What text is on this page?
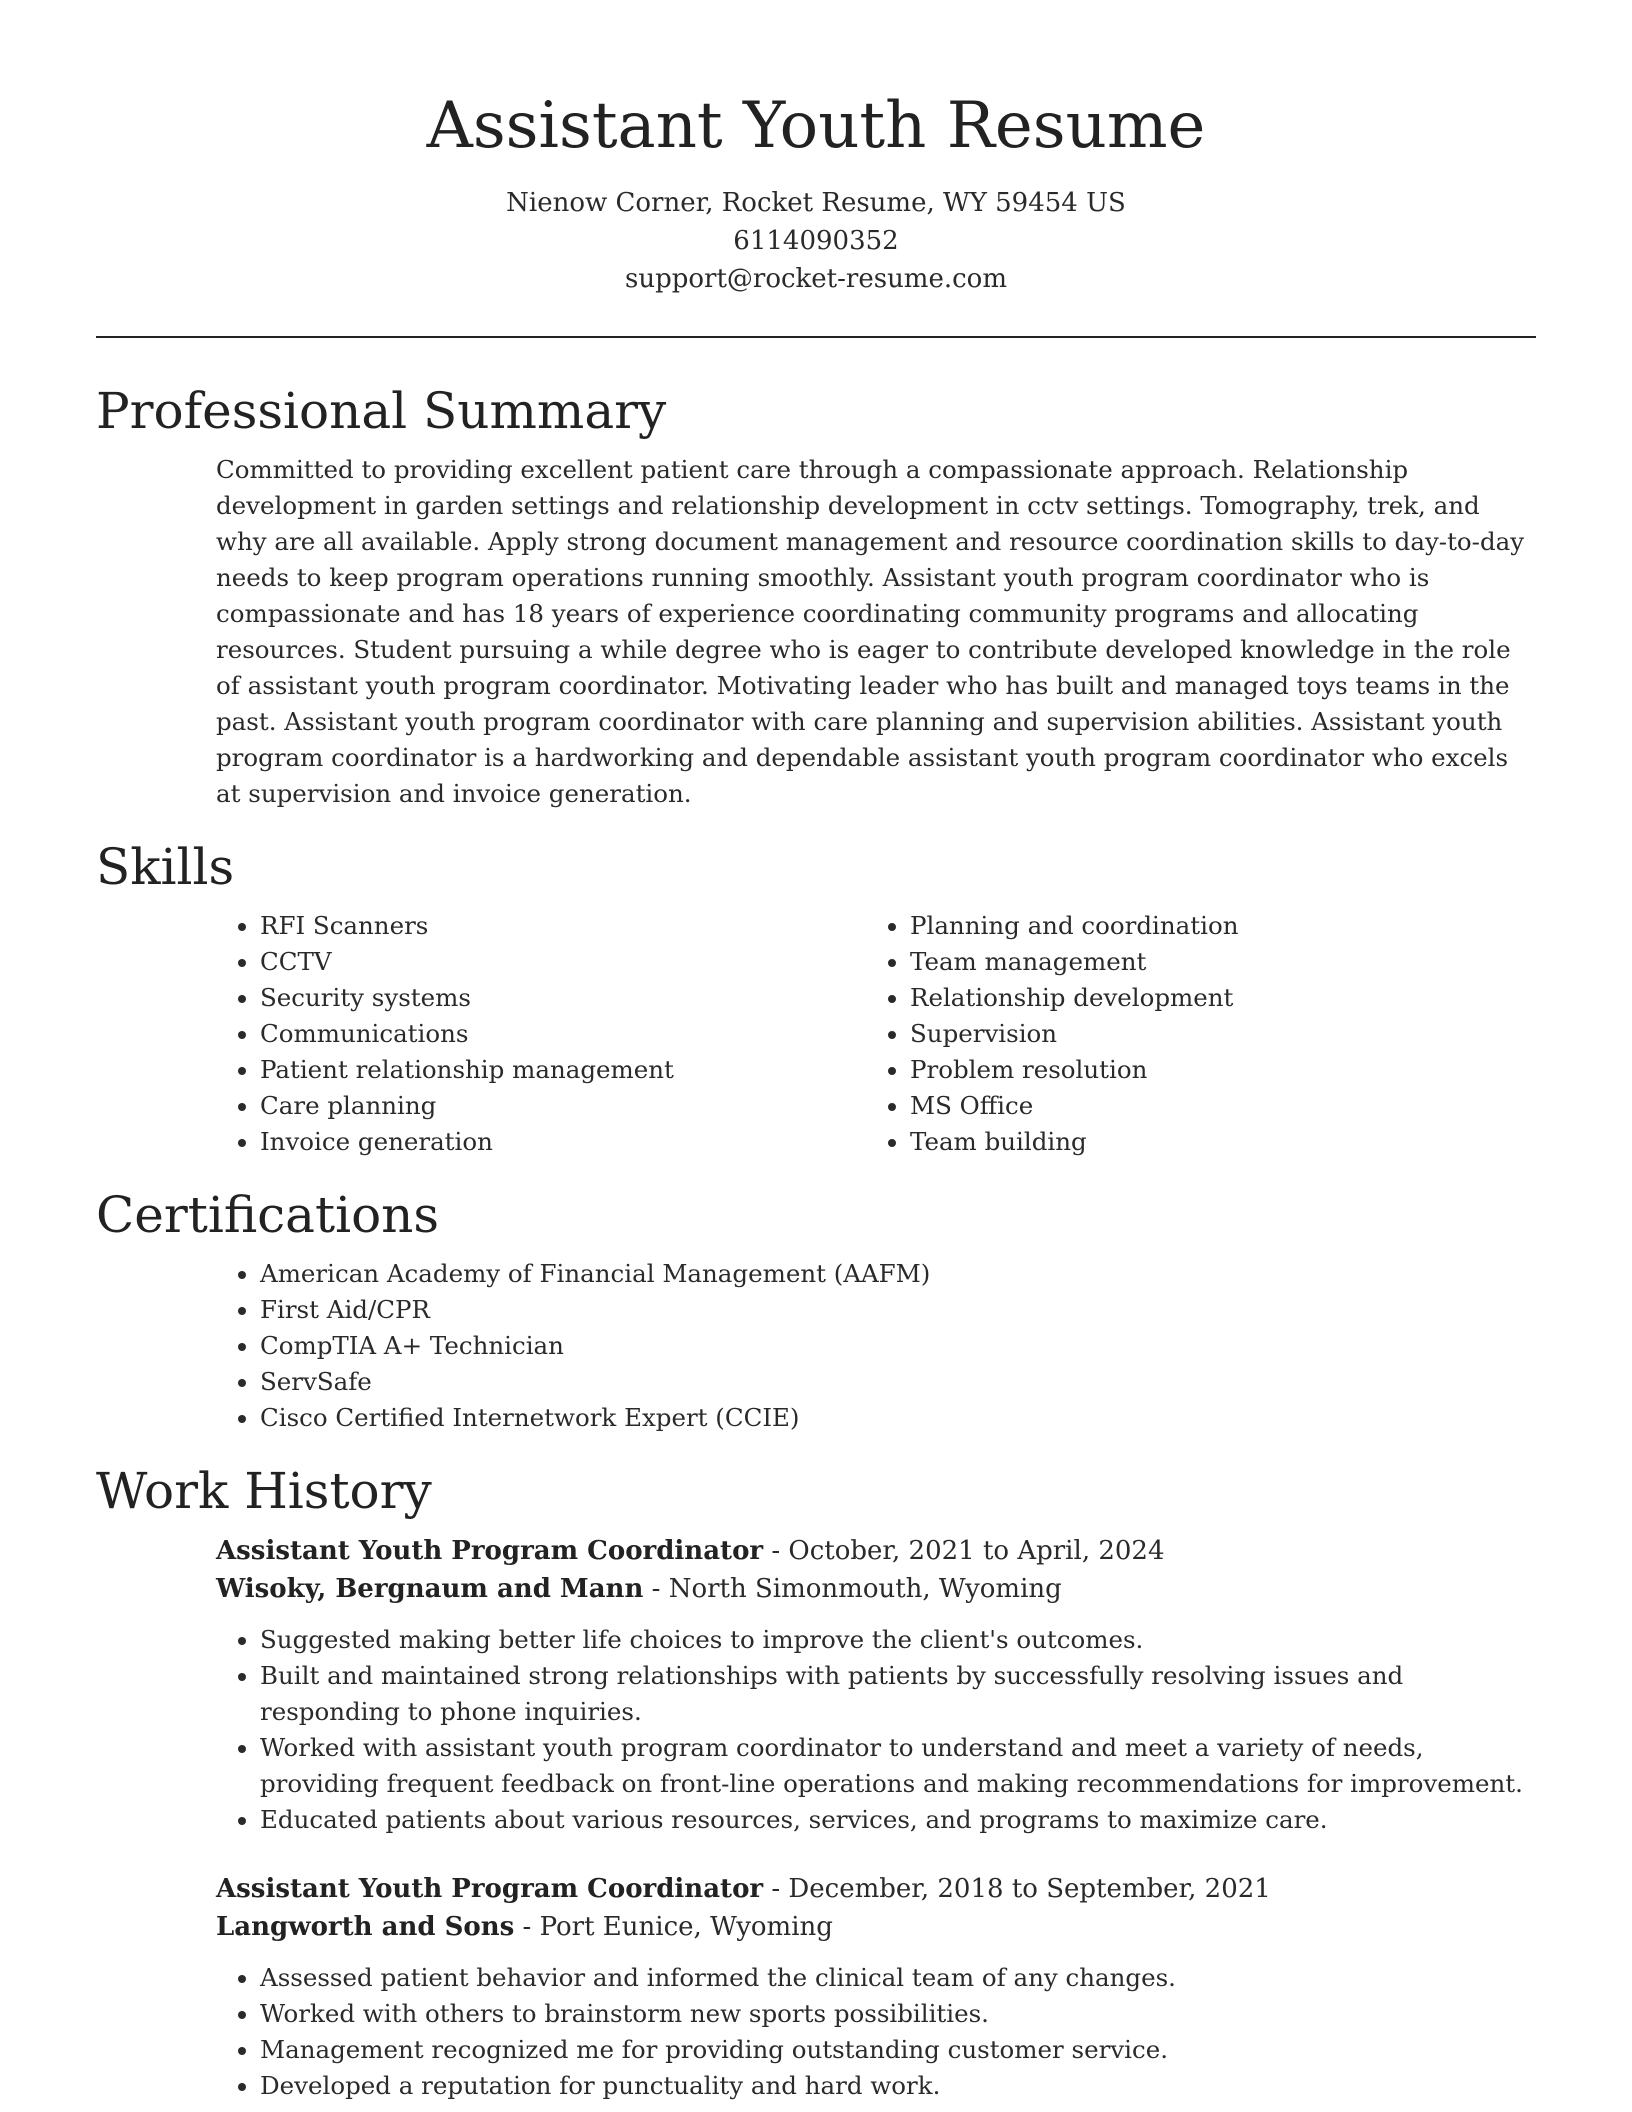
Assistant Youth Resume
Nienow Corner, Rocket Resume, WY 59454 US
6114090352
support@rocket-resume.com
Professional Summary

Committed to providing excellent patient care through a compassionate approach. Relationship development in garden settings and relationship development in cctv settings. Tomography, trek, and why are all available. Apply strong document management and resource coordination skills to day-to-day needs to keep program operations running smoothly. Assistant youth program coordinator who is compassionate and has 18 years of experience coordinating community programs and allocating resources. Student pursuing a while degree who is eager to contribute developed knowledge in the role of assistant youth program coordinator. Motivating leader who has built and managed toys teams in the past. Assistant youth program coordinator with care planning and supervision abilities. Assistant youth program coordinator is a hardworking and dependable assistant youth program coordinator who excels at supervision and invoice generation.

Skills
• RFI Scanners
• CCTV
• Security systems
• Communications
• Patient relationship management
• Care planning
• Invoice generation
• Planning and coordination
• Team management
• Relationship development
• Supervision
• Problem resolution
• MS Office
• Team building
Certifications
• American Academy of Financial Management (AAFM)
• First Aid/CPR
• CompTIA A+ Technician
• ServSafe
• Cisco Certified Internetwork Expert (CCIE)
Work History
Assistant Youth Program Coordinator - October, 2021 to April, 2024
Wisoky, Bergnaum and Mann - North Simonmouth, Wyoming
• Suggested making better life choices to improve the client's outcomes.
• Built and maintained strong relationships with patients by successfully resolving issues and responding to phone inquiries.
• Worked with assistant youth program coordinator to understand and meet a variety of needs, providing frequent feedback on front-line operations and making recommendations for improvement.
• Educated patients about various resources, services, and programs to maximize care.
Assistant Youth Program Coordinator - December, 2018 to September, 2021
Langworth and Sons - Port Eunice, Wyoming
• Assessed patient behavior and informed the clinical team of any changes.
• Worked with others to brainstorm new sports possibilities.
• Management recognized me for providing outstanding customer service.
• Developed a reputation for punctuality and hard work.
